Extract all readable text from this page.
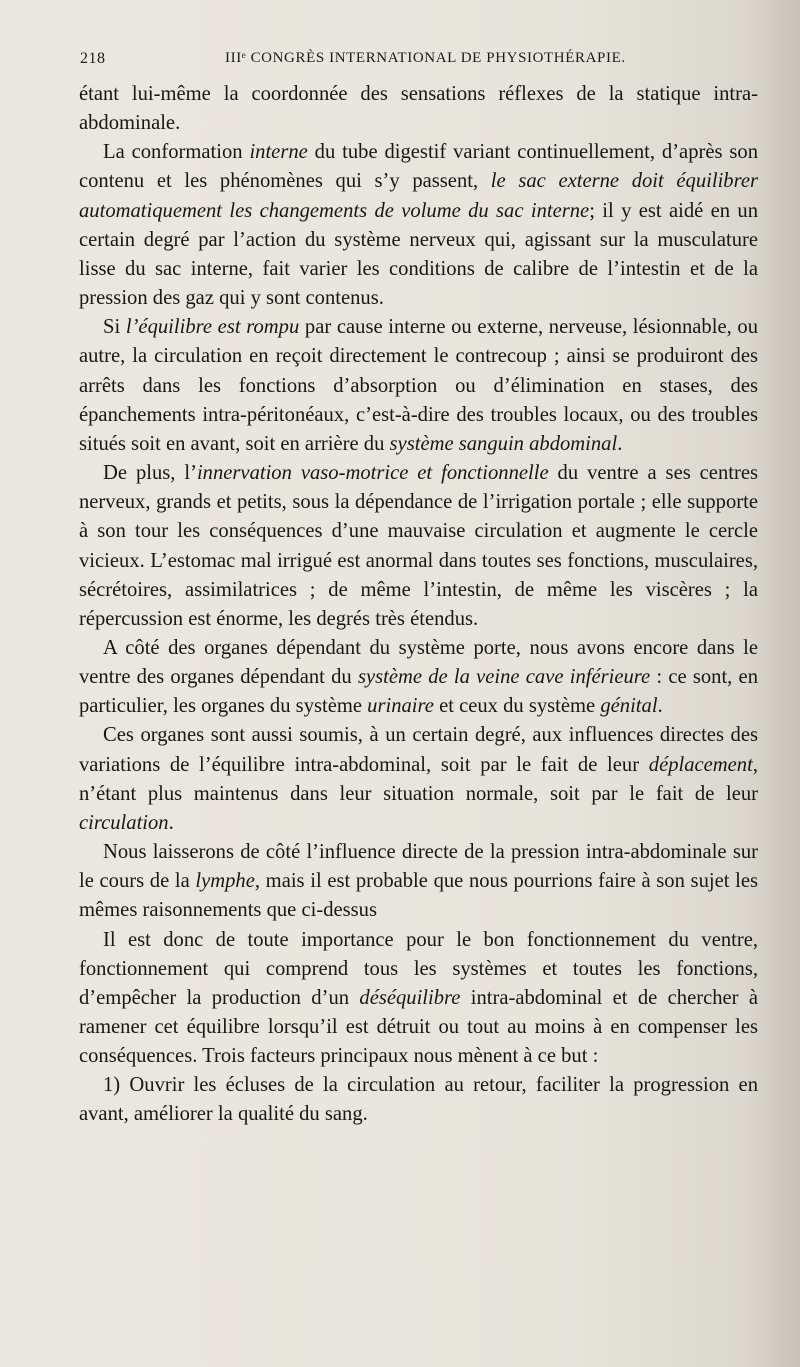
218	IIIᵉ CONGRÈS INTERNATIONAL DE PHYSIOTHÉRAPIE.

étant lui-même la coordonnée des sensations réflexes de la statique intra-abdominale.

La conformation interne du tube digestif variant continuellement, d’après son contenu et les phénomènes qui s’y passent, le sac externe doit équilibrer automatiquement les changements de volume du sac interne; il y est aidé en un certain degré par l’action du système nerveux qui, agissant sur la musculature lisse du sac interne, fait varier les conditions de calibre de l’intestin et de la pression des gaz qui y sont contenus.

Si l’équilibre est rompu par cause interne ou externe, nerveuse, lésionnable, ou autre, la circulation en reçoit directement le contrecoup ; ainsi se produiront des arrêts dans les fonctions d’absorption ou d’élimination en stases, des épanchements intra-péritonéaux, c’est-à-dire des troubles locaux, ou des troubles situés soit en avant, soit en arrière du système sanguin abdominal.

De plus, l’innervation vaso-motrice et fonctionnelle du ventre a ses centres nerveux, grands et petits, sous la dépendance de l’irrigation portale ; elle supporte à son tour les conséquences d’une mauvaise circulation et augmente le cercle vicieux. L’estomac mal irrigué est anormal dans toutes ses fonctions, musculaires, sécrétoires, assimilatrices ; de même l’intestin, de même les viscères ; la répercussion est énorme, les degrés très étendus.

A côté des organes dépendant du système porte, nous avons encore dans le ventre des organes dépendant du système de la veine cave inférieure : ce sont, en particulier, les organes du système urinaire et ceux du système génital.

Ces organes sont aussi soumis, à un certain degré, aux influences directes des variations de l’équilibre intra-abdominal, soit par le fait de leur déplacement, n’étant plus maintenus dans leur situation normale, soit par le fait de leur circulation.

Nous laisserons de côté l’influence directe de la pression intra-abdominale sur le cours de la lymphe, mais il est probable que nous pourrions faire à son sujet les mêmes raisonnements que ci-dessus

Il est donc de toute importance pour le bon fonctionnement du ventre, fonctionnement qui comprend tous les systèmes et toutes les fonctions, d’empêcher la production d’un déséquilibre intra-abdominal et de chercher à ramener cet équilibre lorsqu’il est détruit ou tout au moins à en compenser les conséquences. Trois facteurs principaux nous mènent à ce but :

1) Ouvrir les écluses de la circulation au retour, faciliter la progression en avant, améliorer la qualité du sang.
